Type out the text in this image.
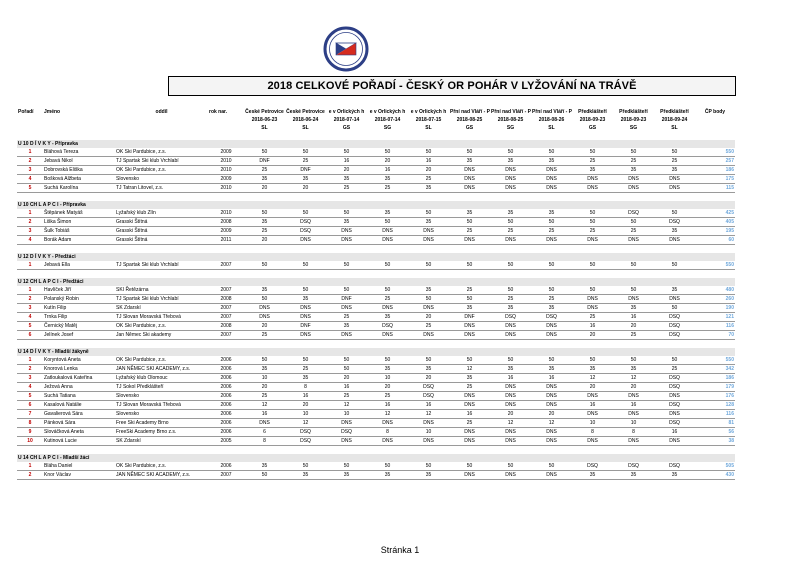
2018 CELKOVÉ POŘADÍ - ČESKÝ OR POHÁR V LYŽOVÁNÍ NA TRÁVĚ
Pořadí	Jméno	oddíl	rok nar.	České Petrovice	České Petrovice	e v Orlických h	e v Orlických h	e v Orlických h	Přní nad Vláří - P	Přní nad Vláří - P	Přní nad Vláří - P	Předklášteří	Předklášteří	Předklášteří	ČP body
				2018-06-23	2018-06-24	2018-07-14	2018-07-14	2018-07-15	2018-08-25	2018-08-25	2018-08-26	2018-09-23	2018-09-23	2018-09-24	
				SL	SL	GS	SG	SL	GS	SG	SL	GS	SG	SL	

U 10 D Í V K Y - Přípravka															
1	Bláhová Tereza	OK Ski Pardubice, z.s.	2009	50	50	50	50	50	50	50	50	50	50	50	550
2	Jebavá Nikol	TJ Spartak Ski klub Vrchlabí	2010	DNF	25	16	20	16	35	35	35	25	25	25	257
3	Dobrovská Eliška	OK Ski Pardubice, z.s.	2010	25	DNF	20	16	20	DNS	DNS	DNS	35	35	35	186
4	Bošková Alžbeta	Slovensko	2009	35	35	35	35	25	DNS	DNS	DNS	DNS	DNS	DNS	175
5	Suchá Karolína	TJ Tatran Litovel, z.s.	2010	20	20	25	25	35	DNS	DNS	DNS	DNS	DNS	DNS	115

U 10 CH L A P C I - Přípravka															
1	Štěpánek Matyáš	Lyžařský klub Zlín	2010	50	50	50	35	50	35	35	35	50	DSQ	50	425
2	Liška Šimon	Grasski Štítná	2008	35	DSQ	35	50	35	50	50	50	50	50	DSQ	405
3	Šulk Tobiáš	Grasski Štítná	2009	25	DSQ	DNS	DNS	DNS	25	25	25	25	25	35	195
4	Borák Adam	Grasski Štítná	2011	20	DNS	DNS	DNS	DNS	DNS	DNS	DNS	DNS	DNS	DNS	60

U 12 D Í V K Y - Předžáci															
1	Jebavá Ella	TJ Spartak Ski klub Vrchlabí	2007	50	50	50	50	50	50	50	50	50	50	50	550

U 12 CH L A P C I - Předžáci															
1	Havlíček Jiří	SKI Řetězárna	2007	35	50	50	50	35	25	50	50	50	50	35	480
2	Polanský Robin	TJ Spartak Ski klub Vrchlabí	2008	50	35	DNF	25	50	50	25	25	DNS	DNS	DNS	260
3	Kutín Filip	SK Zdarskí	2007	DNS	DNS	DNS	DNS	DNS	35	35	35	DNS	35	50	190
4	Trnka Filip	TJ Slovan Moravská Třebová	2007	DNS	DNS	25	35	20	DNF	DSQ	DSQ	25	16	DSQ	121
5	Černický Matěj	OK Ski Pardubice, z.s.	2008	20	DNF	35	DSQ	25	DNS	DNS	DNS	16	20	DSQ	116
6	Jelínek Josef	Jan Němec Ski akademy	2007	25	DNS	DNS	DNS	DNS	DNS	DNS	DNS	20	25	DSQ	70

U 14 D Í V K Y - Mladší žákyně															
1	Koryntová Aneta	OK Ski Pardubice, z.s.	2006	50	50	50	50	50	50	50	50	50	50	50	550
2	Knorová Lenka	JAN NĚMEC SKI ACADEMY, z.s.	2006	35	25	50	35	35	12	35	35	35	35	25	342
3	Zatloukalová Kateřina	Lyžařský klub Olomouc	2006	10	35	20	10	20	35	16	16	12	12	DSQ	186
4	Ježová Anna	TJ Sokol Předklášteří	2006	20	8	16	20	DSQ	25	DNS	DNS	20	20	DSQ	179
5	Suchá Tatiana	Slovensko	2006	25	16	25	25	DSQ	DNS	DNS	DNS	DNS	DNS	DNS	176
6	Kasalová Natálie	TJ Slovan Moravská Třebová	2006	12	20	12	16	16	DNS	DNS	DNS	16	16	DSQ	128
7	Gavalierová Sára	Slovensko	2006	16	10	10	12	12	16	20	20	DNS	DNS	DNS	116
8	Pánková Sára	Free Ski Academy Brno	2006	DNS	12	DNS	DNS	DNS	25	12	12	10	10	DSQ	81
9	Slováčková Aneta	FreeSki Academy Brno z.s.	2006	6	DSQ	DSQ	8	10	DNS	DNS	DNS	8	8	16	56
10	Kutinová Lucie	SK Zdarskí	2005	8	DSQ	DNS	DNS	DNS	DNS	DNS	DNS	DNS	DNS	DNS	38

U 14 CH L A P C I - Mladší žáci															
1	Bláha Daniel	OK Ski Pardubice, z.s.	2006	35	50	50	50	50	50	50	50	DSQ	DSQ	DSQ	505
2	Knor Václav	JAN NĚMEC SKI ACADEMY, z.s.	2007	50	35	35	35	35	DNS	DNS	DNS	35	35	35	430
Stránka 1
